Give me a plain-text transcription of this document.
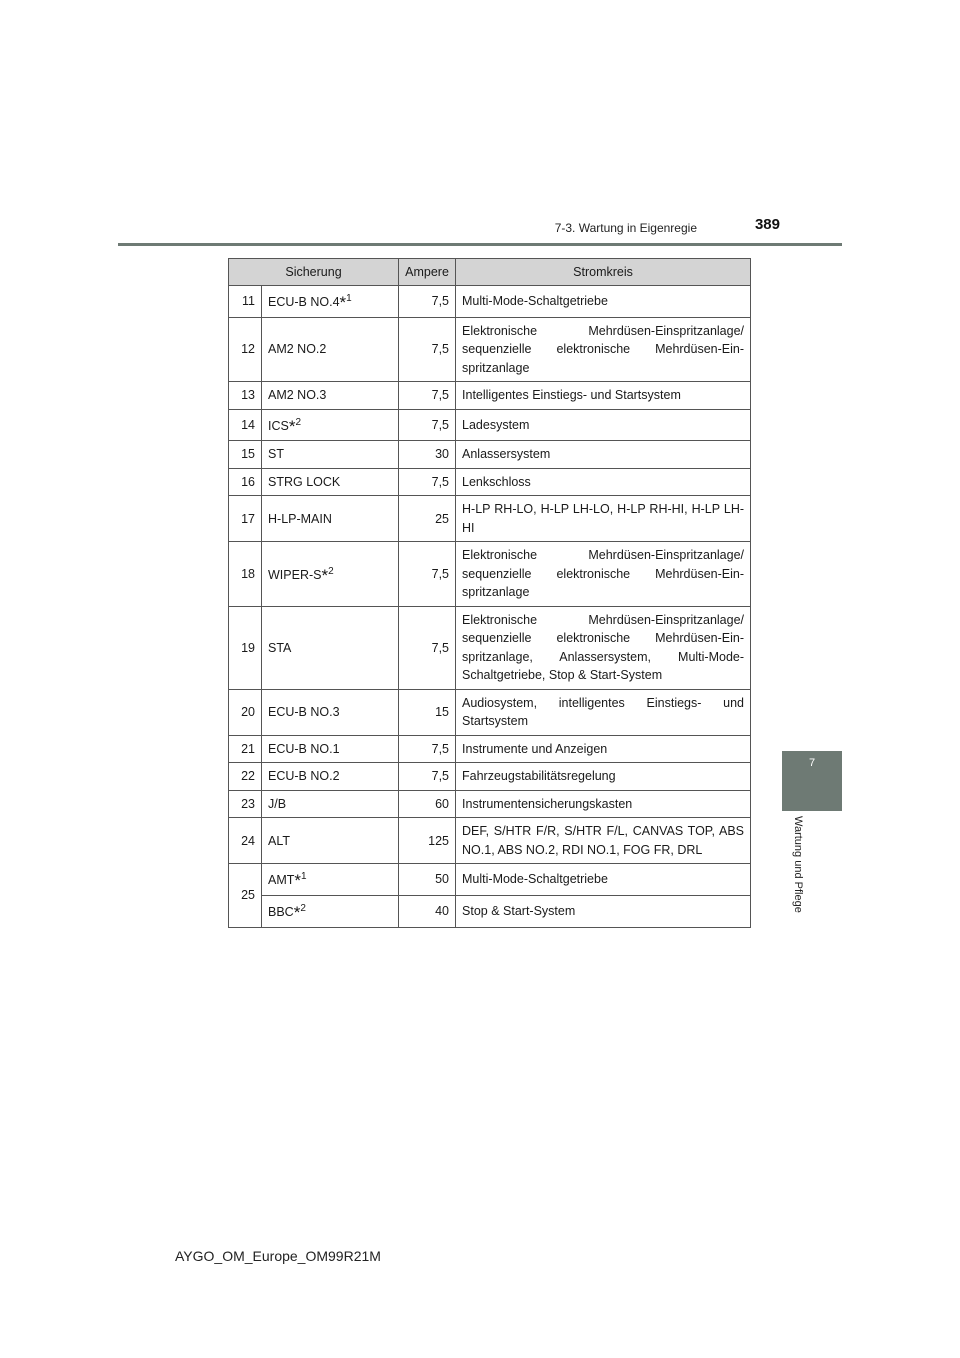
7-3. Wartung in Eigenregie	389
7
Wartung und Pflege
Sicherung		Ampere	Stromkreis
11	ECU-B NO.4*$^1$	7,5	Multi-Mode-Schaltgetriebe
12	AM2 NO.2	7,5	Elektronische Mehrdüsen-Einspritzanlage/ sequenzielle elektronische Mehrdüsen-Ein-spritzanlage
13	AM2 NO.3	7,5	Intelligentes Einstiegs- und Startsystem
14	ICS*$^2$	7,5	Ladesystem
15	ST	30	Anlassersystem
16	STRG LOCK	7,5	Lenkschloss
17	H-LP-MAIN	25	H-LP RH-LO, H-LP LH-LO, H-LP RH-HI, H-LP LH-HI
18	WIPER-S*$^2$	7,5	Elektronische Mehrdüsen-Einspritzanlage/ sequenzielle elektronische Mehrdüsen-Ein-spritzanlage
19	STA	7,5	Elektronische Mehrdüsen-Einspritzanlage/ sequenzielle elektronische Mehrdüsen-Ein-spritzanlage, Anlassersystem, Multi-Mode-Schaltgetriebe, Stop & Start-System
20	ECU-B NO.3	15	Audiosystem, intelligentes Einstiegs- und Startsystem
21	ECU-B NO.1	7,5	Instrumente und Anzeigen
22	ECU-B NO.2	7,5	Fahrzeugstabilitätsregelung
23	J/B	60	Instrumentensicherungskasten
24	ALT	125	DEF, S/HTR F/R, S/HTR F/L, CANVAS TOP, ABS NO.1, ABS NO.2, RDI NO.1, FOG FR, DRL
25	AMT*$^1$	50	Multi-Mode-Schaltgetriebe
	BBC*$^2$	40	Stop & Start-System
AYGO_OM_Europe_OM99R21M
